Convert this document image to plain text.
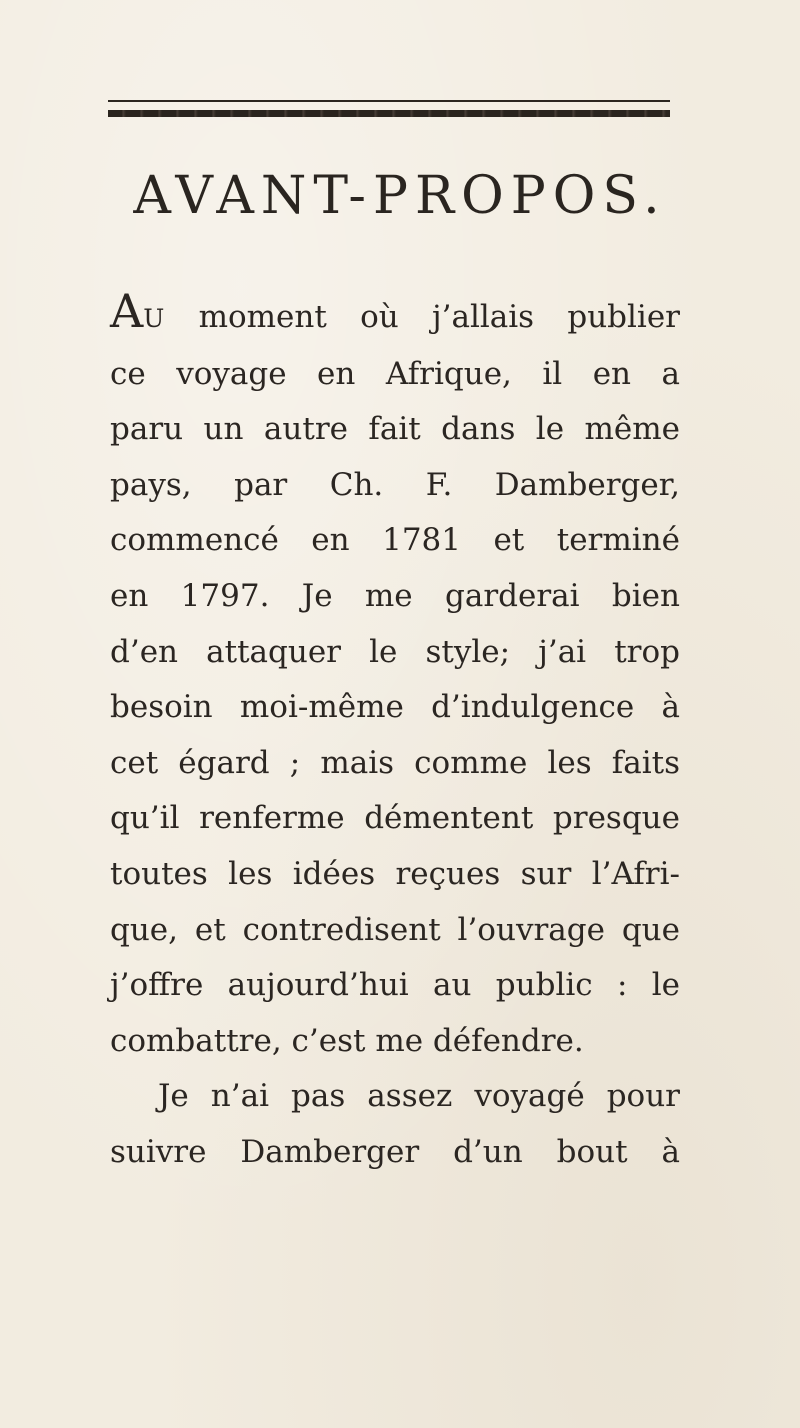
AVANT-PROPOS.
AU moment où j’allais publier
ce voyage en Afrique, il en a
paru un autre fait dans le même
pays, par Ch. F. Damberger,
commencé en 1781 et terminé
en 1797. Je me garderai bien
d’en attaquer le style; j’ai trop
besoin moi-même d’indulgence à
cet égard ; mais comme les faits
qu’il renferme démentent presque
toutes les idées reçues sur l’Afri-
que, et contredisent l’ouvrage que
j’offre aujourd’hui au public : le
combattre, c’est me défendre.
Je n’ai pas assez voyagé pour
suivre Damberger d’un bout à
